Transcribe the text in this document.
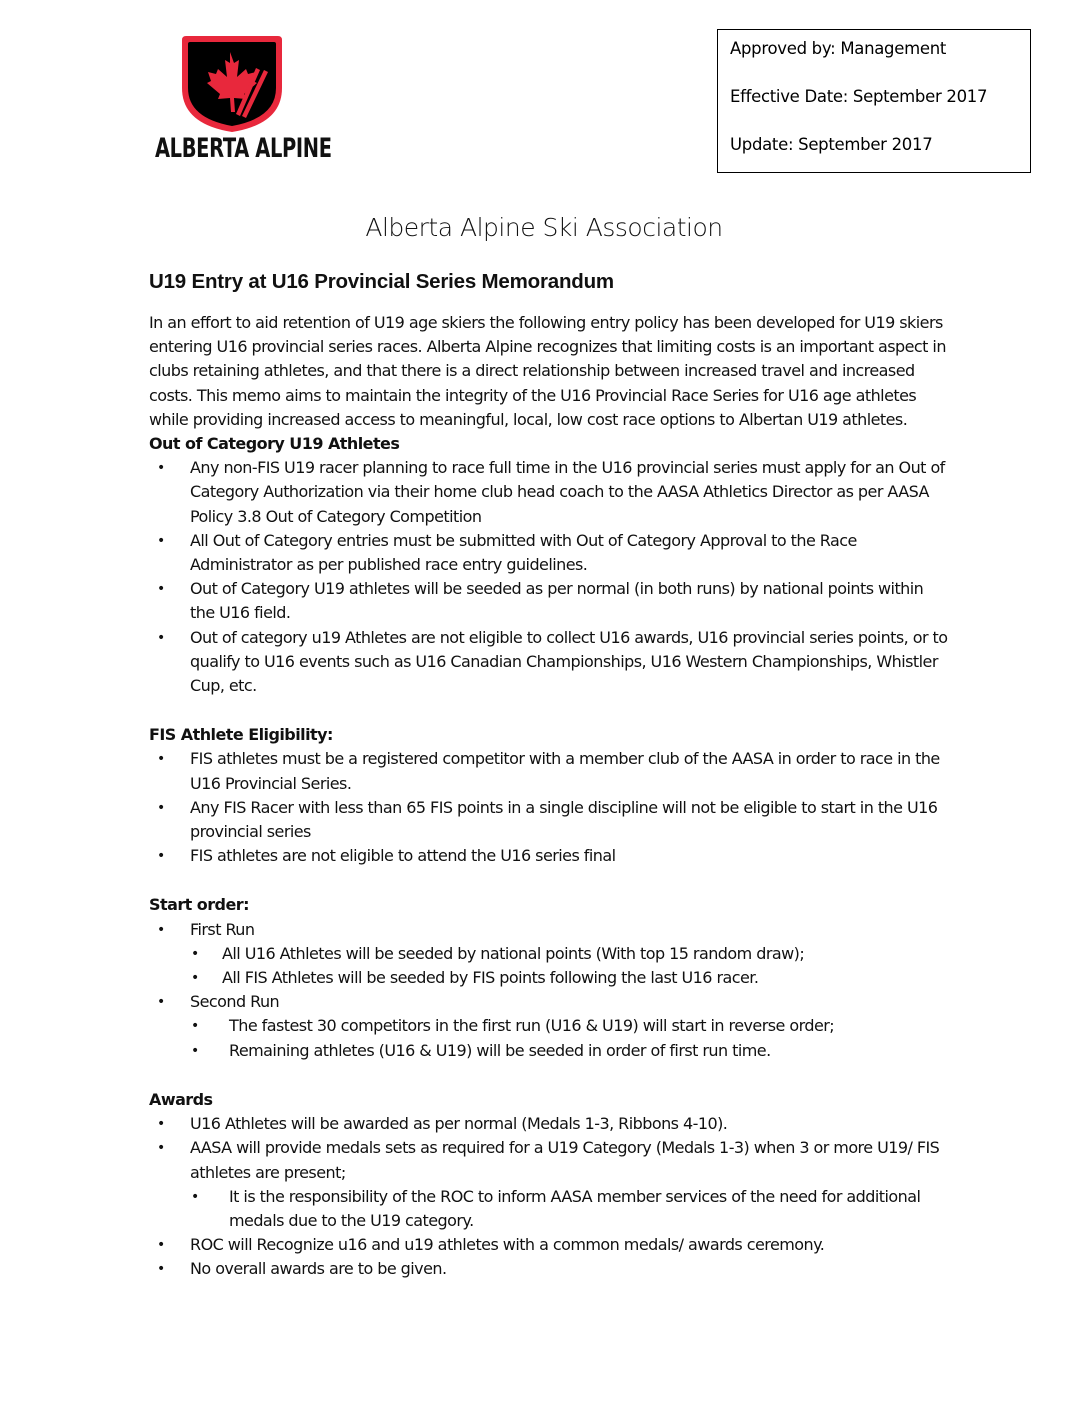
ALBERTA ALPINE
Approved by: Management
Effective Date: September 2017
Update: September 2017
Alberta Alpine Ski Association
U19 Entry at U16 Provincial Series Memorandum

In an effort to aid retention of U19 age skiers the following entry policy has been developed for U19 skiers entering U16 provincial series races. Alberta Alpine recognizes that limiting costs is an important aspect in clubs retaining athletes, and that there is a direct relationship between increased travel and increased costs. This memo aims to maintain the integrity of the U16 Provincial Race Series for U16 age athletes while providing increased access to meaningful, local, low cost race options to Albertan U19 athletes.

Out of Category U19 Athletes

• Any non-FIS U19 racer planning to race full time in the U16 provincial series must apply for an Out of Category Authorization via their home club head coach to the AASA Athletics Director as per AASA Policy 3.8 Out of Category Competition
• All Out of Category entries must be submitted with Out of Category Approval to the Race Administrator as per published race entry guidelines.
• Out of Category U19 athletes will be seeded as per normal (in both runs) by national points within the U16 field.
• Out of category u19 Athletes are not eligible to collect U16 awards, U16 provincial series points, or to qualify to U16 events such as U16 Canadian Championships, U16 Western Championships, Whistler Cup, etc.

FIS Athlete Eligibility:

• FIS athletes must be a registered competitor with a member club of the AASA in order to race in the U16 Provincial Series.
• Any FIS Racer with less than 65 FIS points in a single discipline will not be eligible to start in the U16 provincial series
• FIS athletes are not eligible to attend the U16 series final

Start order:

• First Run
• All U16 Athletes will be seeded by national points (With top 15 random draw);
• All FIS Athletes will be seeded by FIS points following the last U16 racer.
• Second Run
• The fastest 30 competitors in the first run (U16 & U19) will start in reverse order;
• Remaining athletes (U16 & U19) will be seeded in order of first run time.

Awards

• U16 Athletes will be awarded as per normal (Medals 1-3, Ribbons 4-10).
• AASA will provide medals sets as required for a U19 Category (Medals 1-3) when 3 or more U19/ FIS athletes are present;
• It is the responsibility of the ROC to inform AASA member services of the need for additional medals due to the U19 category.
• ROC will Recognize u16 and u19 athletes with a common medals/ awards ceremony.
• No overall awards are to be given.
